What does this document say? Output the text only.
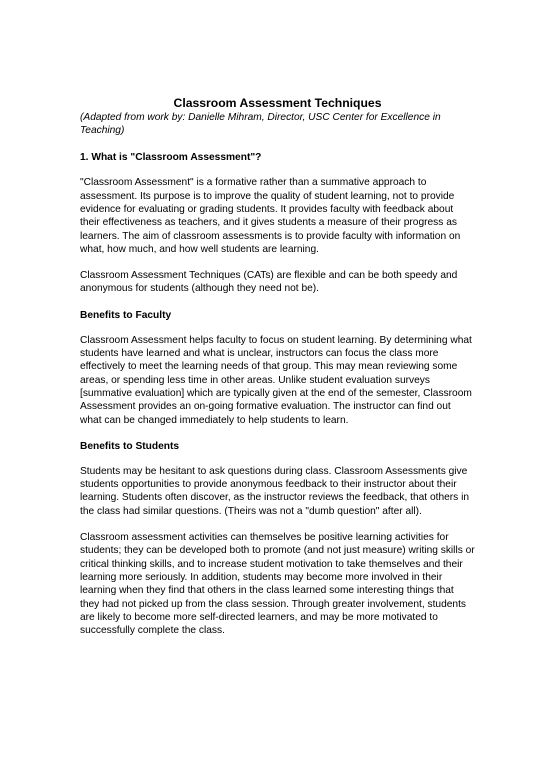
Classroom Assessment Techniques

(Adapted from work by: Danielle Mihram, Director, USC Center for Excellence in Teaching)

1. What is "Classroom Assessment"?

"Classroom Assessment" is a formative rather than a summative approach to assessment. Its purpose is to improve the quality of student learning, not to provide evidence for evaluating or grading students. It provides faculty with feedback about their effectiveness as teachers, and it gives students a measure of their progress as learners. The aim of classroom assessments is to provide faculty with information on what, how much, and how well students are learning.

Classroom Assessment Techniques (CATs) are flexible and can be both speedy and anonymous for students (although they need not be).

Benefits to Faculty

Classroom Assessment helps faculty to focus on student learning. By determining what students have learned and what is unclear, instructors can focus the class more effectively to meet the learning needs of that group. This may mean reviewing some areas, or spending less time in other areas. Unlike student evaluation surveys [summative evaluation] which are typically given at the end of the semester, Classroom Assessment provides an on-going formative evaluation. The instructor can find out what can be changed immediately to help students to learn.

Benefits to Students

Students may be hesitant to ask questions during class. Classroom Assessments give students opportunities to provide anonymous feedback to their instructor about their learning. Students often discover, as the instructor reviews the feedback, that others in the class had similar questions. (Theirs was not a "dumb question" after all).

Classroom assessment activities can themselves be positive learning activities for students; they can be developed both to promote (and not just measure) writing skills or critical thinking skills, and to increase student motivation to take themselves and their learning more seriously. In addition, students may become more involved in their learning when they find that others in the class learned some interesting things that they had not picked up from the class session. Through greater involvement, students are likely to become more self-directed learners, and may be more motivated to successfully complete the class.
